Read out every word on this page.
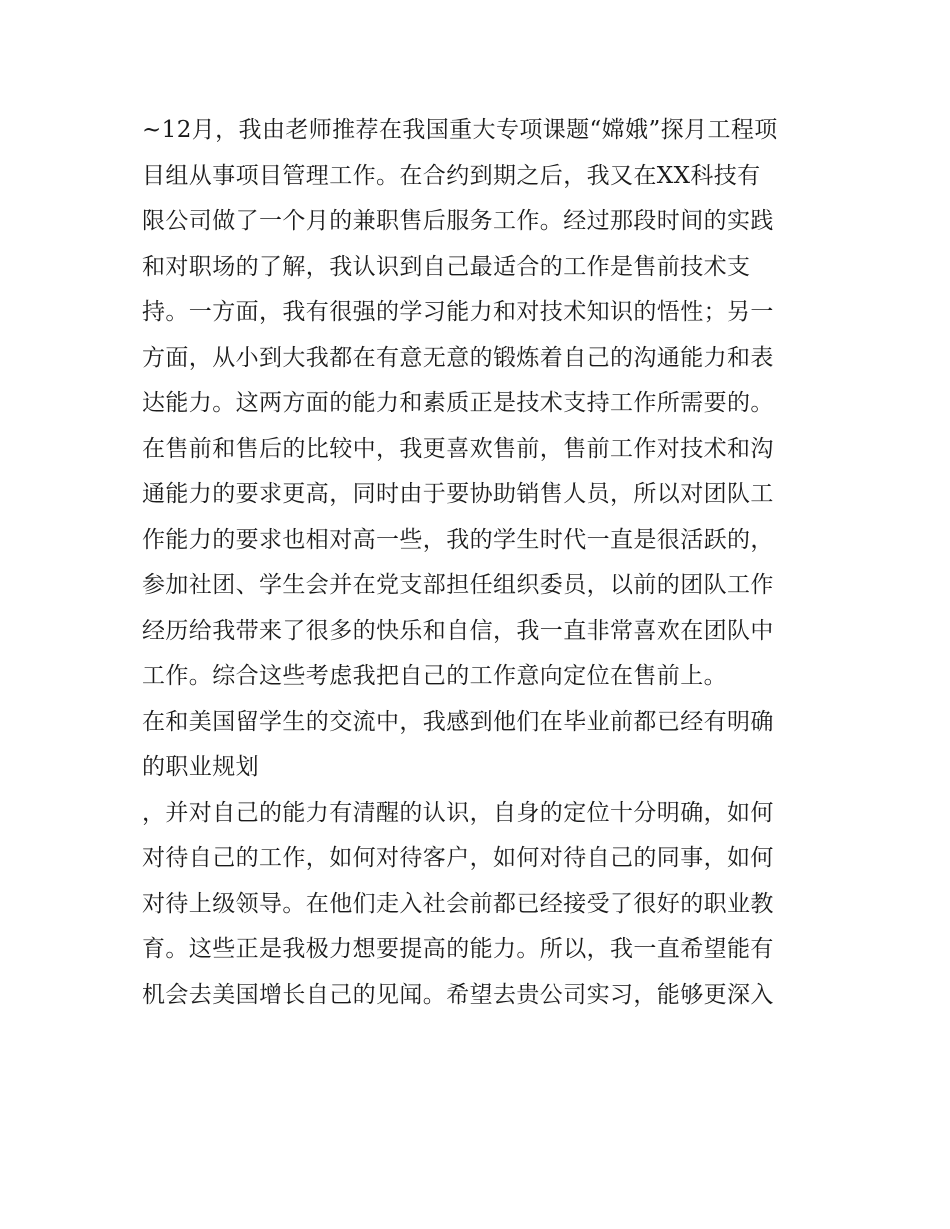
~12月，我由老师推荐在我国重大专项课题“嫦娥”探月工程项
目组从事项目管理工作。在合约到期之后，我又在XX科技有
限公司做了一个月的兼职售后服务工作。经过那段时间的实践
和对职场的了解，我认识到自己最适合的工作是售前技术支
持。一方面，我有很强的学习能力和对技术知识的悟性；另一
方面，从小到大我都在有意无意的锻炼着自己的沟通能力和表
达能力。这两方面的能力和素质正是技术支持工作所需要的。
在售前和售后的比较中，我更喜欢售前，售前工作对技术和沟
通能力的要求更高，同时由于要协助销售人员，所以对团队工
作能力的要求也相对高一些，我的学生时代一直是很活跃的，
参加社团、学生会并在党支部担任组织委员，以前的团队工作
经历给我带来了很多的快乐和自信，我一直非常喜欢在团队中
工作。综合这些考虑我把自己的工作意向定位在售前上。
在和美国留学生的交流中，我感到他们在毕业前都已经有明确
的职业规划
，并对自己的能力有清醒的认识，自身的定位十分明确，如何
对待自己的工作，如何对待客户，如何对待自己的同事，如何
对待上级领导。在他们走入社会前都已经接受了很好的职业教
育。这些正是我极力想要提高的能力。所以，我一直希望能有
机会去美国增长自己的见闻。希望去贵公司实习，能够更深入
